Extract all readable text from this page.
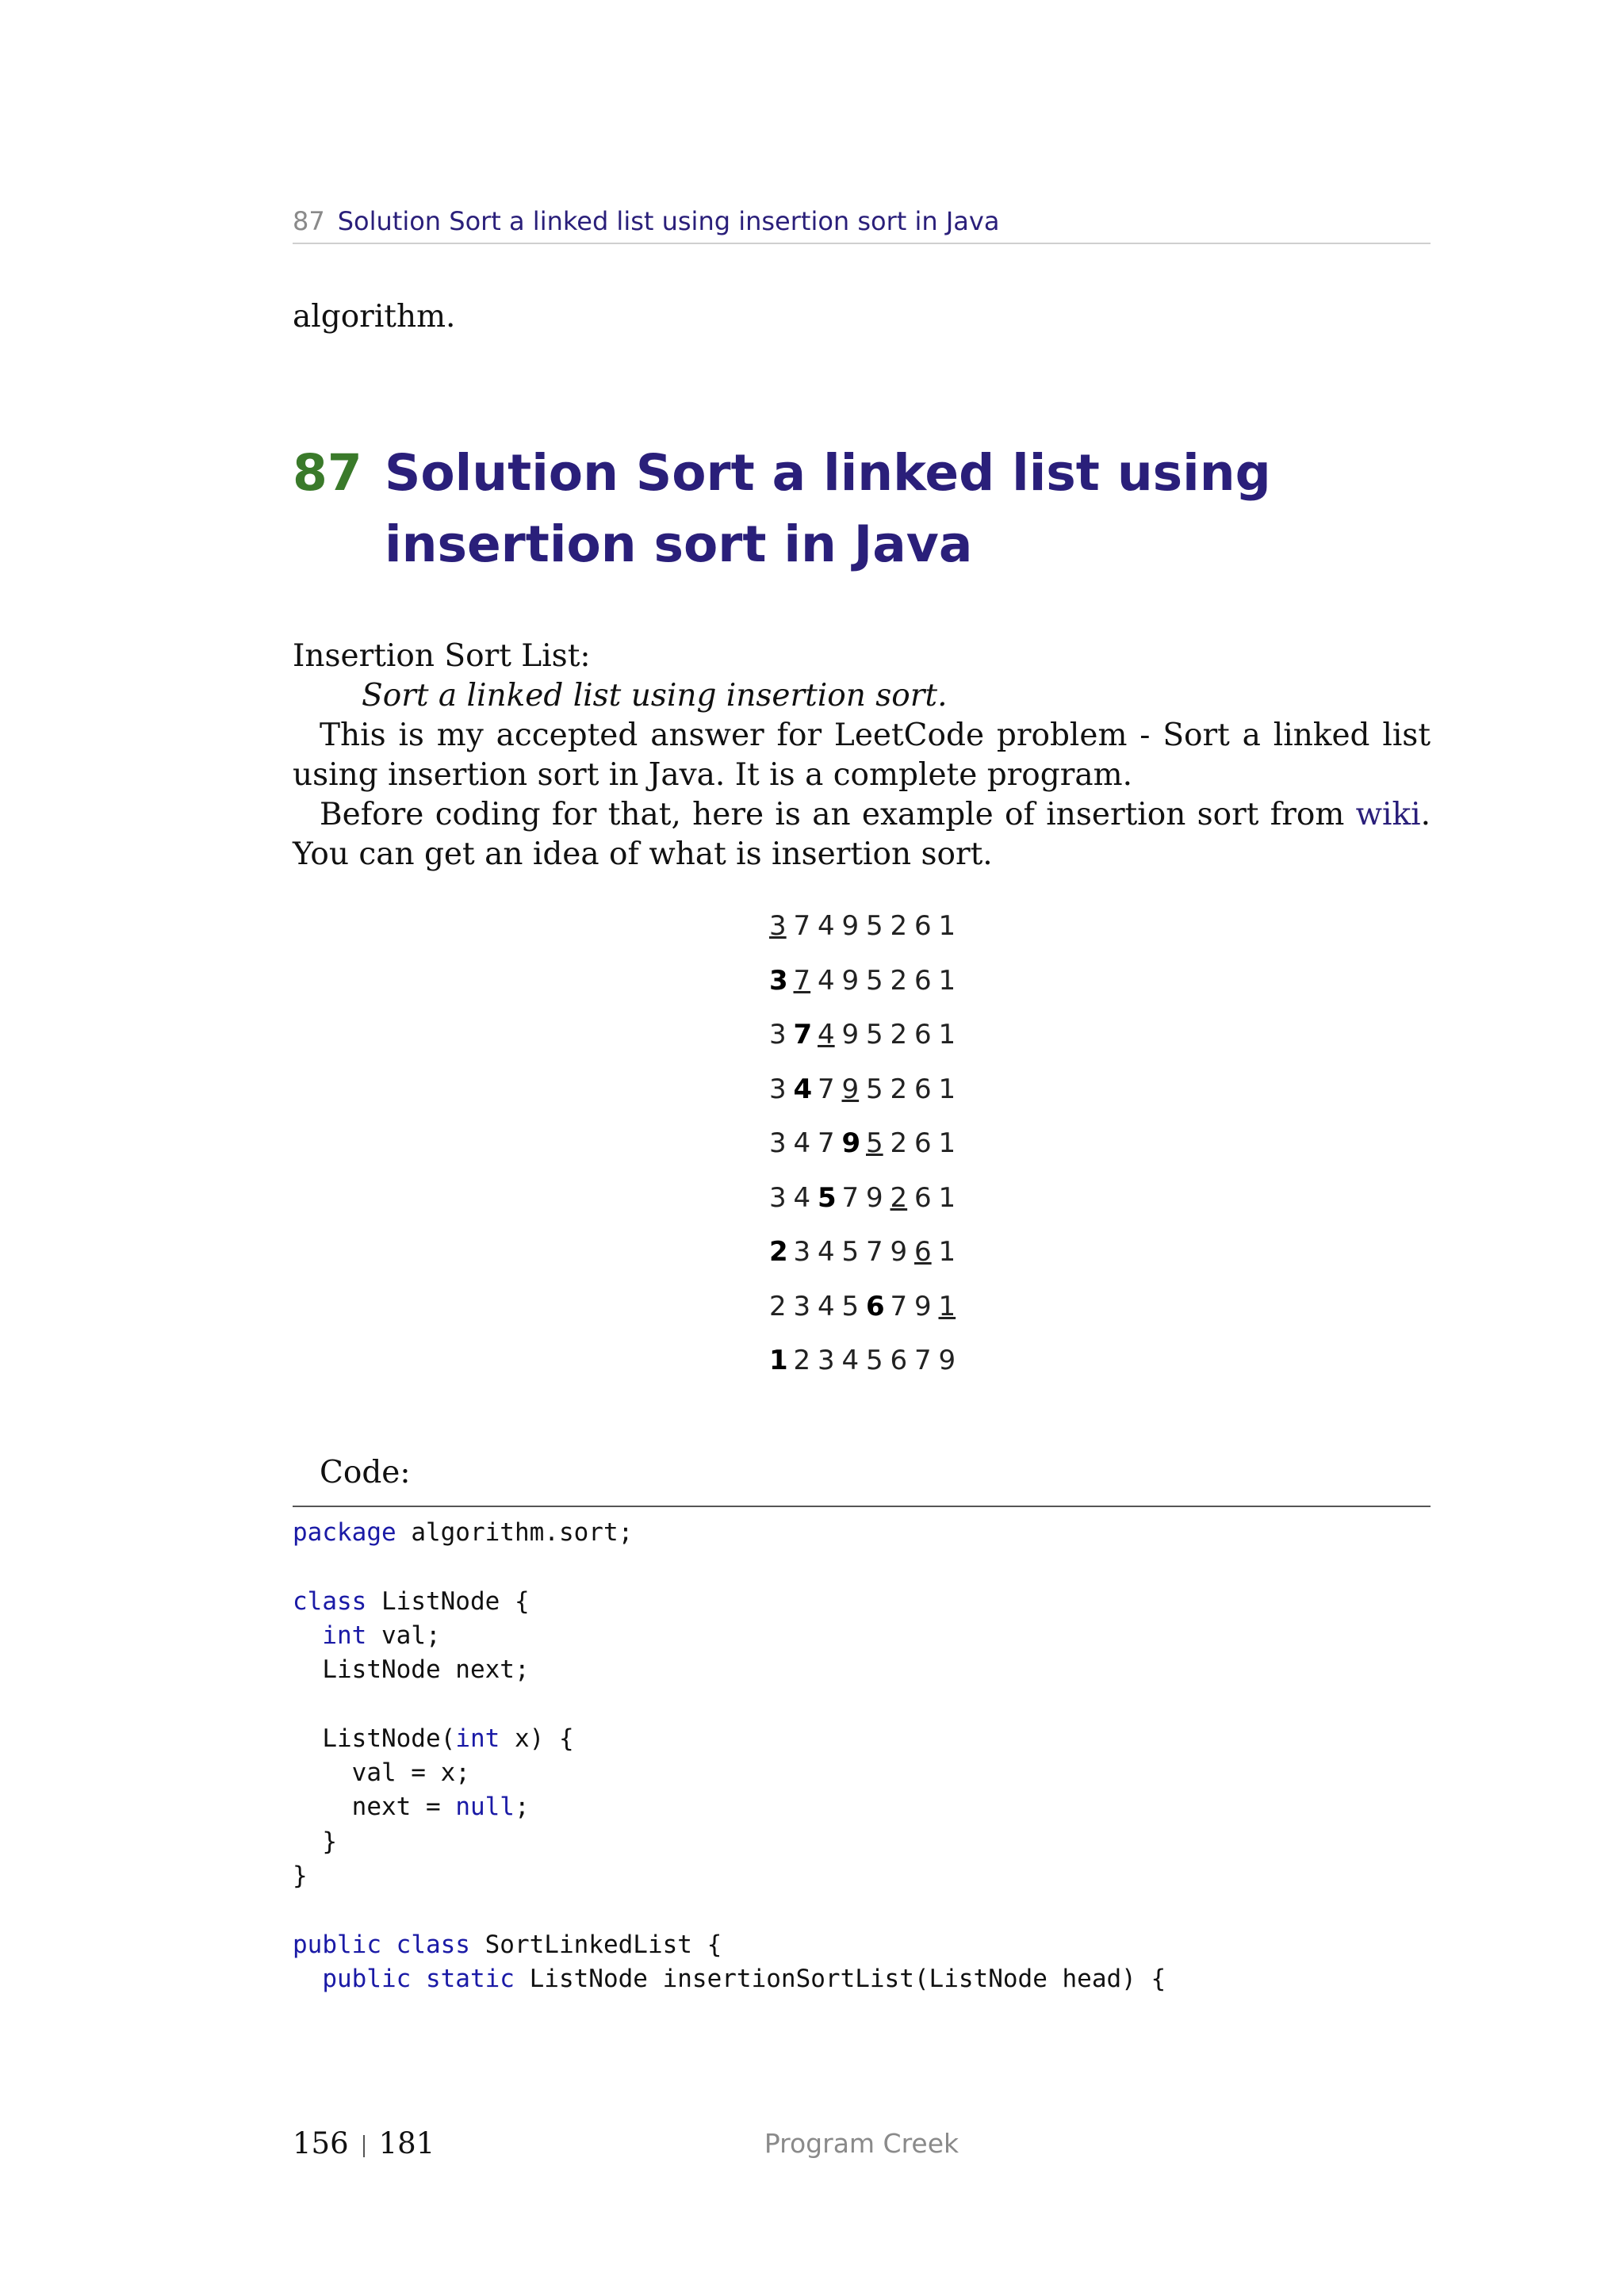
87 Solution Sort a linked list using insertion sort in Java
algorithm.
87 Solution Sort a linked list using
insertion sort in Java

Insertion Sort List:

Sort a linked list using insertion sort.

This is my accepted answer for LeetCode problem - Sort a linked list using insertion sort in Java. It is a complete program.

Before coding for that, here is an example of insertion sort from wiki. You can get an idea of what is insertion sort.

3 7 4 9 5 2 6 1
3 7 4 9 5 2 6 1
3 7 4 9 5 2 6 1
3 4 7 9 5 2 6 1
3 4 7 9 5 2 6 1
3 4 5 7 9 2 6 1
2 3 4 5 7 9 6 1
2 3 4 5 6 7 9 1
1 2 3 4 5 6 7 9
Code:
package algorithm.sort;
class ListNode {
int val;
ListNode next;
ListNode(int x) {
val = x;
next = null;
}
}
public class SortLinkedList {
public static ListNode insertionSortList(ListNode head) {
Program Creek
156 181
